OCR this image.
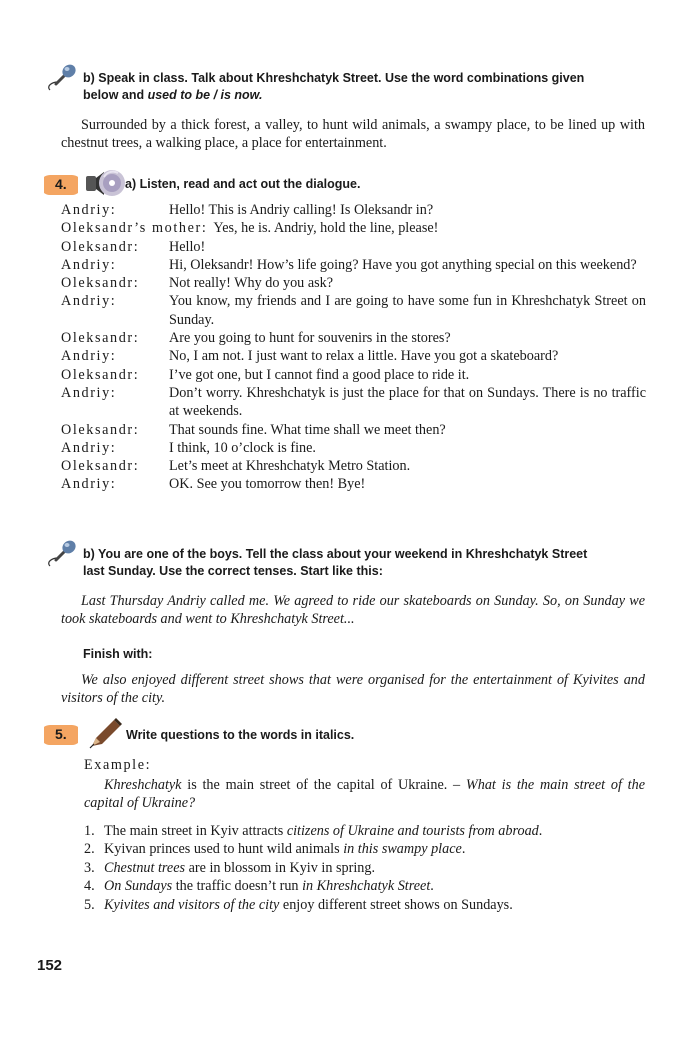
b) Speak in class. Talk about Khreshchatyk Street. Use the word combinations given
below and used to be / is now.
Surrounded by a thick forest, a valley, to hunt wild animals, a swampy place, to be lined up with chestnut trees, a walking place, a place for entertainment.
4.	a) Listen, read and act out the dialogue.
Andriy:	Hello! This is Andriy calling! Is Oleksandr in?
Oleksandr’s mother: Yes, he is. Andriy, hold the line, please!
Oleksandr:	Hello!
Andriy:	Hi, Oleksandr! How’s life going? Have you got anything special on this weekend?
Oleksandr:	Not really! Why do you ask?
Andriy:	You know, my friends and I are going to have some fun in Khreshchatyk Street on Sunday.
Oleksandr:	Are you going to hunt for souvenirs in the stores?
Andriy:	No, I am not. I just want to relax a little. Have you got a skateboard?
Oleksandr:	I’ve got one, but I cannot find a good place to ride it.
Andriy:	Don’t worry. Khreshchatyk is just the place for that on Sundays. There is no traffic at weekends.
Oleksandr:	That sounds fine. What time shall we meet then?
Andriy:	I think, 10 o’clock is fine.
Oleksandr:	Let’s meet at Khreshchatyk Metro Station.
Andriy:	OK. See you tomorrow then! Bye!
b) You are one of the boys. Tell the class about your weekend in Khreshchatyk Street
last Sunday. Use the correct tenses. Start like this:
Last Thursday Andriy called me. We agreed to ride our skateboards on Sunday. So, on Sunday we took skateboards and went to Khreshchatyk Street...
Finish with:
We also enjoyed different street shows that were organised for the entertainment of Kyivites and visitors of the city.
5.	Write questions to the words in italics.
Example:
Khreshchatyk is the main street of the capital of Ukraine. – What is the main street of the capital of Ukraine?
1. The main street in Kyiv attracts citizens of Ukraine and tourists from abroad.
2. Kyivan princes used to hunt wild animals in this swampy place.
3. Chestnut trees are in blossom in Kyiv in spring.
4. On Sundays the traffic doesn’t run in Khreshchatyk Street.
5. Kyivites and visitors of the city enjoy different street shows on Sundays.
152
